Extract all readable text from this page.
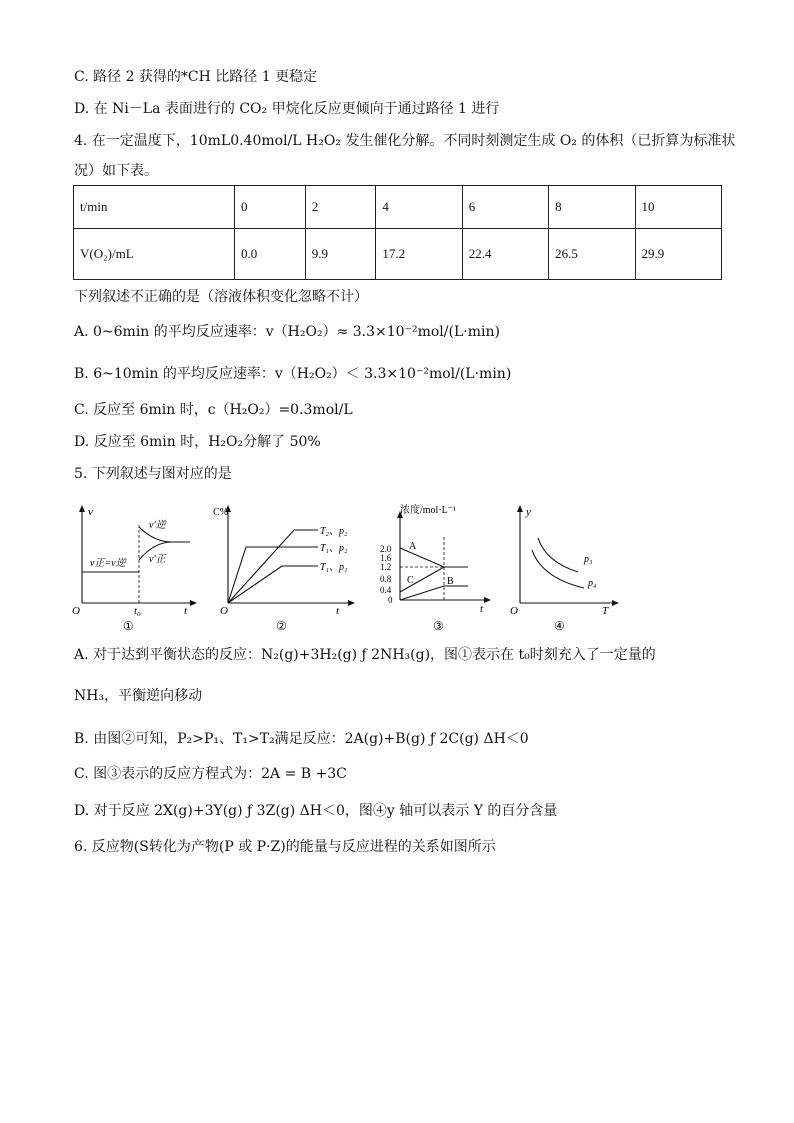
C. 路径 2 获得的*CH 比路径 1 更稳定
D. 在 Ni－La 表面进行的 CO₂ 甲烷化反应更倾向于通过路径 1 进行
4. 在一定温度下，10mL0.40mol/L H₂O₂ 发生催化分解。不同时刻测定生成 O₂ 的体积（已折算为标准状
况）如下表。
t/min	0	2	4	6	8	10
V(O₂)/mL	0.0	9.9	17.2	22.4	26.5	29.9
下列叙述不正确的是（溶液体积变化忽略不计）
A. 0~6min 的平均反应速率：v（H₂O₂）≈ 3.3×10⁻²mol/(L·min)
B. 6~10min 的平均反应速率：v（H₂O₂）＜ 3.3×10⁻²mol/(L·min)
C. 反应至 6min 时，c（H₂O₂）=0.3mol/L
D. 反应至 6min 时，H₂O₂分解了 50%
5. 下列叙述与图对应的是
v
t
O	t₀
v′逆
v′正
v正=v逆
①
C%
t
O
T₂、p₂
T₁、p₂
T₁、p₁
②
浓度/mol·L⁻¹
2.0
1.6
1.2
0.8
0.4
0
A
B
C
t
③
y
T
O
p₃
p₄
④
A. 对于达到平衡状态的反应：N₂(g)+3H₂(g) ƒ 2NH₃(g)，图①表示在 t₀时刻充入了一定量的
NH₃，平衡逆向移动
B. 由图②可知，P₂>P₁、T₁>T₂满足反应：2A(g)+B(g) ƒ 2C(g) ΔH＜0
C. 图③表示的反应方程式为：2A = B +3C
D. 对于反应 2X(g)+3Y(g) ƒ 3Z(g) ΔH＜0，图④y 轴可以表示 Y 的百分含量
6. 反应物(S转化为产物(P 或 P·Z)的能量与反应进程的关系如图所示
